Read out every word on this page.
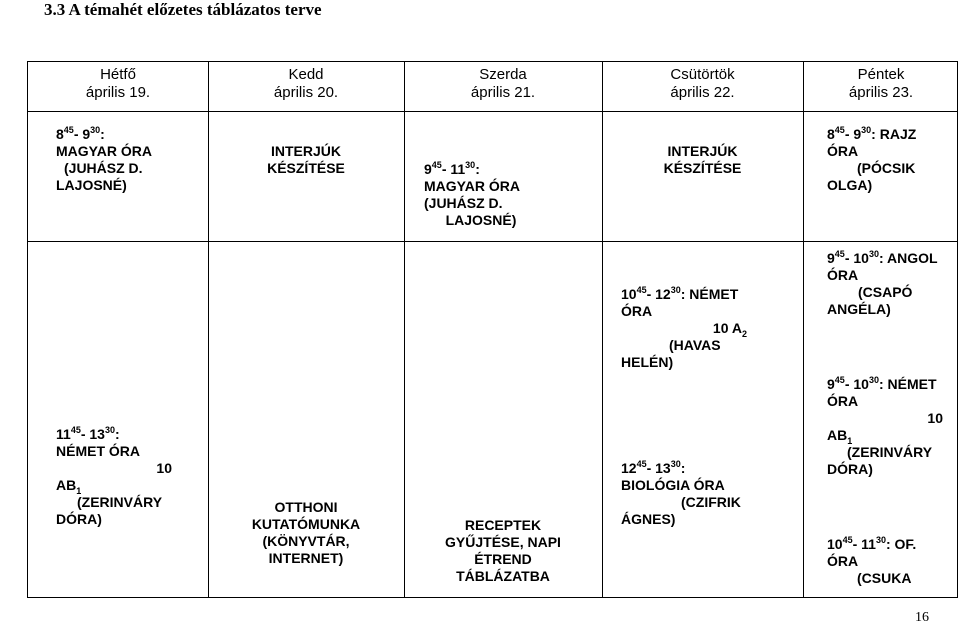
3.3 A témahét előzetes táblázatos terve
Hétfő
április 19.
Kedd
április 20.
Szerda
április 21.
Csütörtök
április 22.
Péntek
április 23.
$8^{45}-$ $9^{30}$:
MAGYAR ÓRA
(JUHÁSZ D.
LAJOSNÉ)
INTERJÚK
KÉSZÍTÉSE	$9^{45}-$ $11^{30}$:
MAGYAR ÓRA
(JUHÁSZ D.
LAJOSNÉ)
INTERJÚK
KÉSZÍTÉSE
$8^{45}-$ $9^{30}$: RAJZ
ÓRA
(PÓCSIK
OLGA)
$11^{45}-$ $13^{30}$:
NÉMET ÓRA
10
$AB_1$
(ZERINVÁRY
DÓRA)
OTTHONI
KUTATÓMUNKA
(KÖNYVTÁR,
INTERNET)
RECEPTEK
GYŰJTÉSE, NAPI
ÉTREND
TÁBLÁZATBA
$10^{45}-$ $12^{30}$: NÉMET
ÓRA
10 $A_2$
(HAVAS
HELÉN)
$12^{45}-$ $13^{30}$:
BIOLÓGIA ÓRA
(CZIFRIK
ÁGNES)
$9^{45}-$ $10^{30}$: ANGOL
ÓRA
(CSAPÓ
ANGÉLA)
$9^{45}-$ $10^{30}$: NÉMET
ÓRA
10
$AB_1$
(ZERINVÁRY
DÓRA)
$10^{45}-$ $11^{30}$: OF.
ÓRA
(CSUKA
16
